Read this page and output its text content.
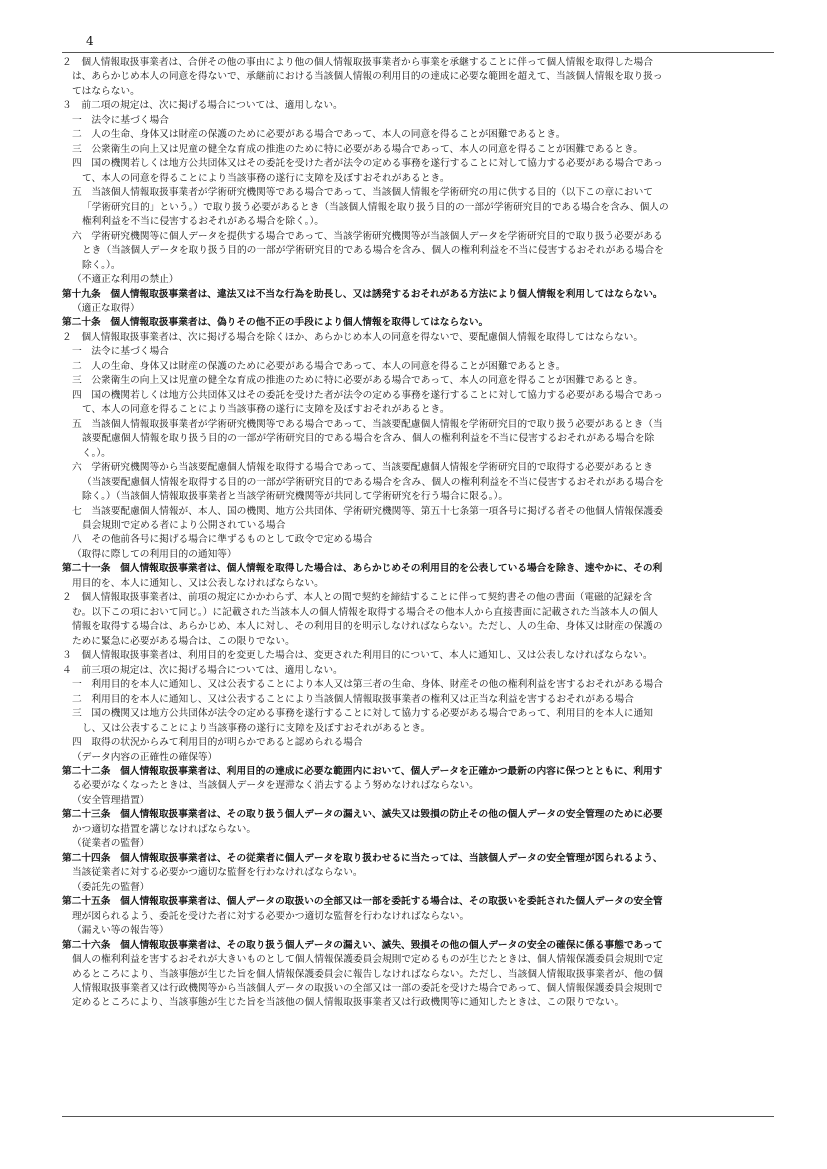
4
２　個人情報取扱事業者は、合併その他の事由により他の個人情報取扱事業者から事業を承継することに伴って個人情報を取得した場合
は、あらかじめ本人の同意を得ないで、承継前における当該個人情報の利用目的の達成に必要な範囲を超えて、当該個人情報を取り扱っ
てはならない。
３　前二項の規定は、次に掲げる場合については、適用しない。
一　法令に基づく場合
二　人の生命、身体又は財産の保護のために必要がある場合であって、本人の同意を得ることが困難であるとき。
三　公衆衛生の向上又は児童の健全な育成の推進のために特に必要がある場合であって、本人の同意を得ることが困難であるとき。
四　国の機関若しくは地方公共団体又はその委託を受けた者が法令の定める事務を遂行することに対して協力する必要がある場合であっ
て、本人の同意を得ることにより当該事務の遂行に支障を及ぼすおそれがあるとき。
五　当該個人情報取扱事業者が学術研究機関等である場合であって、当該個人情報を学術研究の用に供する目的（以下この章において
「学術研究目的」という。）で取り扱う必要があるとき（当該個人情報を取り扱う目的の一部が学術研究目的である場合を含み、個人の
権利利益を不当に侵害するおそれがある場合を除く。）。
六　学術研究機関等に個人データを提供する場合であって、当該学術研究機関等が当該個人データを学術研究目的で取り扱う必要がある
とき（当該個人データを取り扱う目的の一部が学術研究目的である場合を含み、個人の権利利益を不当に侵害するおそれがある場合を
除く。）。
（不適正な利用の禁止）
第十九条　個人情報取扱事業者は、違法又は不当な行為を助長し、又は誘発するおそれがある方法により個人情報を利用してはならない。
（適正な取得）
第二十条　個人情報取扱事業者は、偽りその他不正の手段により個人情報を取得してはならない。
２　個人情報取扱事業者は、次に掲げる場合を除くほか、あらかじめ本人の同意を得ないで、要配慮個人情報を取得してはならない。
一　法令に基づく場合
二　人の生命、身体又は財産の保護のために必要がある場合であって、本人の同意を得ることが困難であるとき。
三　公衆衛生の向上又は児童の健全な育成の推進のために特に必要がある場合であって、本人の同意を得ることが困難であるとき。
四　国の機関若しくは地方公共団体又はその委託を受けた者が法令の定める事務を遂行することに対して協力する必要がある場合であっ
て、本人の同意を得ることにより当該事務の遂行に支障を及ぼすおそれがあるとき。
五　当該個人情報取扱事業者が学術研究機関等である場合であって、当該要配慮個人情報を学術研究目的で取り扱う必要があるとき（当
該要配慮個人情報を取り扱う目的の一部が学術研究目的である場合を含み、個人の権利利益を不当に侵害するおそれがある場合を除
く。）。
六　学術研究機関等から当該要配慮個人情報を取得する場合であって、当該要配慮個人情報を学術研究目的で取得する必要があるとき
（当該要配慮個人情報を取得する目的の一部が学術研究目的である場合を含み、個人の権利利益を不当に侵害するおそれがある場合を
除く。）（当該個人情報取扱事業者と当該学術研究機関等が共同して学術研究を行う場合に限る。）。
七　当該要配慮個人情報が、本人、国の機関、地方公共団体、学術研究機関等、第五十七条第一項各号に掲げる者その他個人情報保護委
員会規則で定める者により公開されている場合
八　その他前各号に掲げる場合に準ずるものとして政令で定める場合
（取得に際しての利用目的の通知等）
第二十一条　個人情報取扱事業者は、個人情報を取得した場合は、あらかじめその利用目的を公表している場合を除き、速やかに、その利
用目的を、本人に通知し、又は公表しなければならない。
２　個人情報取扱事業者は、前項の規定にかかわらず、本人との間で契約を締結することに伴って契約書その他の書面（電磁的記録を含
む。以下この項において同じ。）に記載された当該本人の個人情報を取得する場合その他本人から直接書面に記載された当該本人の個人
情報を取得する場合は、あらかじめ、本人に対し、その利用目的を明示しなければならない。ただし、人の生命、身体又は財産の保護の
ために緊急に必要がある場合は、この限りでない。
３　個人情報取扱事業者は、利用目的を変更した場合は、変更された利用目的について、本人に通知し、又は公表しなければならない。
４　前三項の規定は、次に掲げる場合については、適用しない。
一　利用目的を本人に通知し、又は公表することにより本人又は第三者の生命、身体、財産その他の権利利益を害するおそれがある場合
二　利用目的を本人に通知し、又は公表することにより当該個人情報取扱事業者の権利又は正当な利益を害するおそれがある場合
三　国の機関又は地方公共団体が法令の定める事務を遂行することに対して協力する必要がある場合であって、利用目的を本人に通知
し、又は公表することにより当該事務の遂行に支障を及ぼすおそれがあるとき。
四　取得の状況からみて利用目的が明らかであると認められる場合
（データ内容の正確性の確保等）
第二十二条　個人情報取扱事業者は、利用目的の達成に必要な範囲内において、個人データを正確かつ最新の内容に保つとともに、利用す
る必要がなくなったときは、当該個人データを遅滞なく消去するよう努めなければならない。
（安全管理措置）
第二十三条　個人情報取扱事業者は、その取り扱う個人データの漏えい、滅失又は毀損の防止その他の個人データの安全管理のために必要
かつ適切な措置を講じなければならない。
（従業者の監督）
第二十四条　個人情報取扱事業者は、その従業者に個人データを取り扱わせるに当たっては、当該個人データの安全管理が図られるよう、
当該従業者に対する必要かつ適切な監督を行わなければならない。
（委託先の監督）
第二十五条　個人情報取扱事業者は、個人データの取扱いの全部又は一部を委託する場合は、その取扱いを委託された個人データの安全管
理が図られるよう、委託を受けた者に対する必要かつ適切な監督を行わなければならない。
（漏えい等の報告等）
第二十六条　個人情報取扱事業者は、その取り扱う個人データの漏えい、滅失、毀損その他の個人データの安全の確保に係る事態であって
個人の権利利益を害するおそれが大きいものとして個人情報保護委員会規則で定めるものが生じたときは、個人情報保護委員会規則で定
めるところにより、当該事態が生じた旨を個人情報保護委員会に報告しなければならない。ただし、当該個人情報取扱事業者が、他の個
人情報取扱事業者又は行政機関等から当該個人データの取扱いの全部又は一部の委託を受けた場合であって、個人情報保護委員会規則で
定めるところにより、当該事態が生じた旨を当該他の個人情報取扱事業者又は行政機関等に通知したときは、この限りでない。
